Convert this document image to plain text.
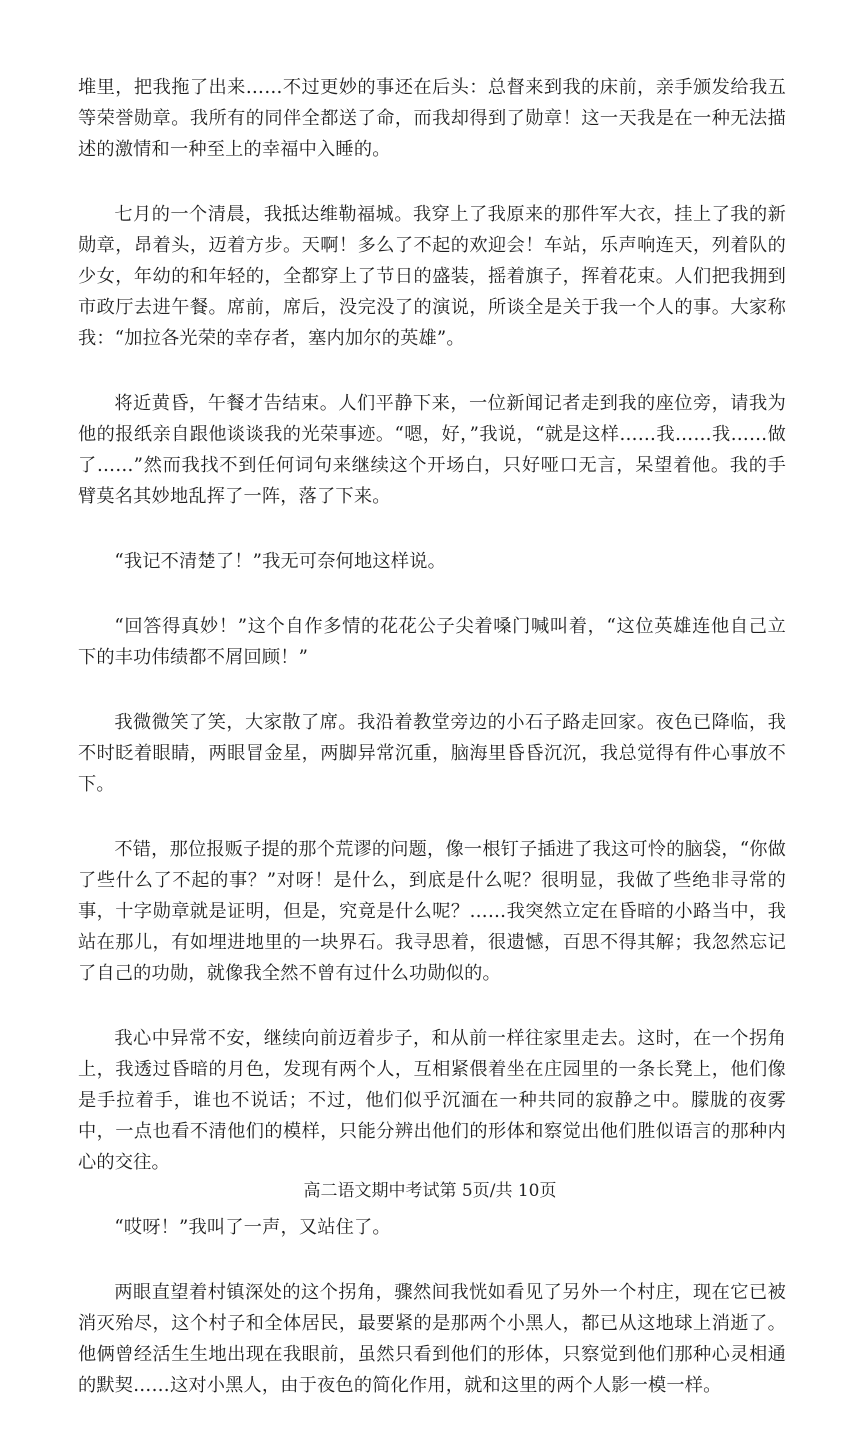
堆里，把我拖了出来……不过更妙的事还在后头：总督来到我的床前，亲手颁发给我五等荣誉勋章。我所有的同伴全都送了命，而我却得到了勋章！这一天我是在一种无法描述的激情和一种至上的幸福中入睡的。

七月的一个清晨，我抵达维勒福城。我穿上了我原来的那件军大衣，挂上了我的新勋章，昂着头，迈着方步。天啊！多么了不起的欢迎会！车站，乐声响连天，列着队的少女，年幼的和年轻的，全都穿上了节日的盛装，摇着旗子，挥着花束。人们把我拥到市政厅去进午餐。席前，席后，没完没了的演说，所谈全是关于我一个人的事。大家称我：“加拉各光荣的幸存者，塞内加尔的英雄”。

将近黄昏，午餐才告结束。人们平静下来，一位新闻记者走到我的座位旁，请我为他的报纸亲自跟他谈谈我的光荣事迹。“嗯，好，”我说，“就是这样……我……我……做了……”然而我找不到任何词句来继续这个开场白，只好哑口无言，呆望着他。我的手臂莫名其妙地乱挥了一阵，落了下来。

“我记不清楚了！”我无可奈何地这样说。

“回答得真妙！”这个自作多情的花花公子尖着嗓门喊叫着，“这位英雄连他自己立下的丰功伟绩都不屑回顾！”

我微微笑了笑，大家散了席。我沿着教堂旁边的小石子路走回家。夜色已降临，我不时眨着眼睛，两眼冒金星，两脚异常沉重，脑海里昏昏沉沉，我总觉得有件心事放不下。

不错，那位报贩子提的那个荒谬的问题，像一根钉子插进了我这可怜的脑袋，“你做了些什么了不起的事？”对呀！是什么，到底是什么呢？很明显，我做了些绝非寻常的事，十字勋章就是证明，但是，究竟是什么呢？……我突然立定在昏暗的小路当中，我站在那儿，有如埋进地里的一块界石。我寻思着，很遗憾，百思不得其解；我忽然忘记了自己的功勋，就像我全然不曾有过什么功勋似的。

我心中异常不安，继续向前迈着步子，和从前一样往家里走去。这时，在一个拐角上，我透过昏暗的月色，发现有两个人，互相紧偎着坐在庄园里的一条长凳上，他们像是手拉着手，谁也不说话；不过，他们似乎沉湎在一种共同的寂静之中。朦胧的夜雾中，一点也看不清他们的模样，只能分辨出他们的形体和察觉出他们胜似语言的那种内心的交往。

“哎呀！”我叫了一声，又站住了。

两眼直望着村镇深处的这个拐角，骤然间我恍如看见了另外一个村庄，现在它已被消灭殆尽，这个村子和全体居民，最要紧的是那两个小黑人，都已从这地球上消逝了。他俩曾经活生生地出现在我眼前，虽然只看到他们的形体，只察觉到他们那种心灵相通的默契……这对小黑人，由于夜色的简化作用，就和这里的两个人影一模一样。

高二语文期中考试第 5页/共 10页
